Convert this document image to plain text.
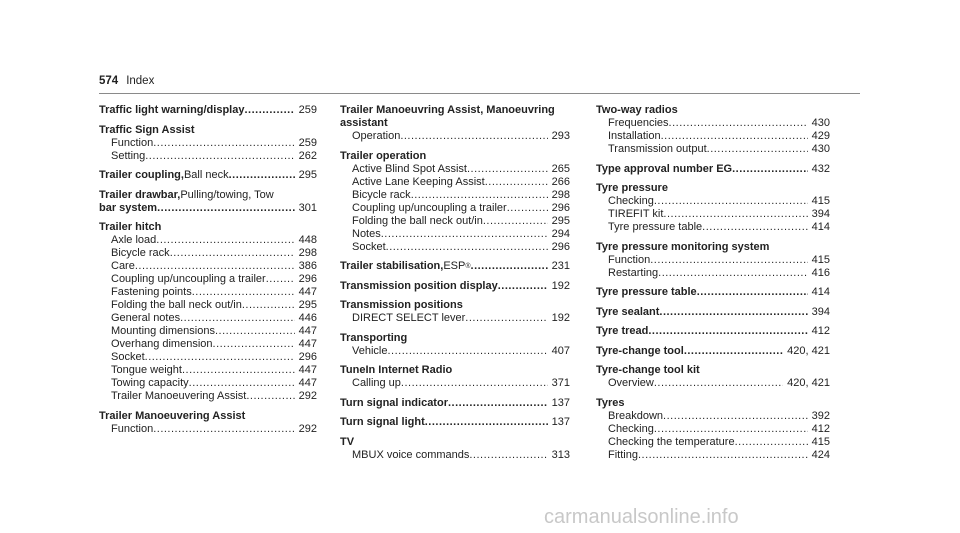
574 Index
Traffic light warning/display .....	259
Traffic Sign Assist
Function .....	259
Setting .....	262
Trailer coupling, Ball neck .....	295
Trailer drawbar, Pulling/towing, Tow
bar system .....	301
Trailer hitch
Axle load .....	448
Bicycle rack .....	298
Care .....	386
Coupling up/uncoupling a trailer .....	296
Fastening points .....	447
Folding the ball neck out/in .....	295
General notes .....	446
Mounting dimensions .....	447
Overhang dimension .....	447
Socket .....	296
Tongue weight .....	447
Towing capacity .....	447
Trailer Manoeuvering Assist .....	292
Trailer Manoeuvering Assist
Function .....	292
Trailer Manoeuvring Assist, Manoeuvring
assistant
Operation .....	293
Trailer operation
Active Blind Spot Assist .....	265
Active Lane Keeping Assist .....	266
Bicycle rack .....	298
Coupling up/uncoupling a trailer .....	296
Folding the ball neck out/in .....	295
Notes .....	294
Socket .....	296
Trailer stabilisation, ESP ® .....	231
Transmission position display .....	192
Transmission positions
DIRECT SELECT lever .....	192
Transporting
Vehicle .....	407
TuneIn Internet Radio
Calling up .....	371
Turn signal indicator .....	137
Turn signal light .....	137
TV
MBUX voice commands .....	313
Two-way radios
Frequencies .....	430
Installation .....	429
Transmission output .....	430
Type approval number EG .....	432
Tyre pressure
Checking .....	415
TIREFIT kit .....	394
Tyre pressure table .....	414
Tyre pressure monitoring system
Function .....	415
Restarting .....	416
Tyre pressure table .....	414
Tyre sealant .....	394
Tyre tread .....	412
Tyre-change tool .....	420, 421
Tyre-change tool kit
Overview .....	420, 421
Tyres
Breakdown .....	392
Checking .....	412
Checking the temperature .....	415
Fitting .....	424
carmanualsonline.info
